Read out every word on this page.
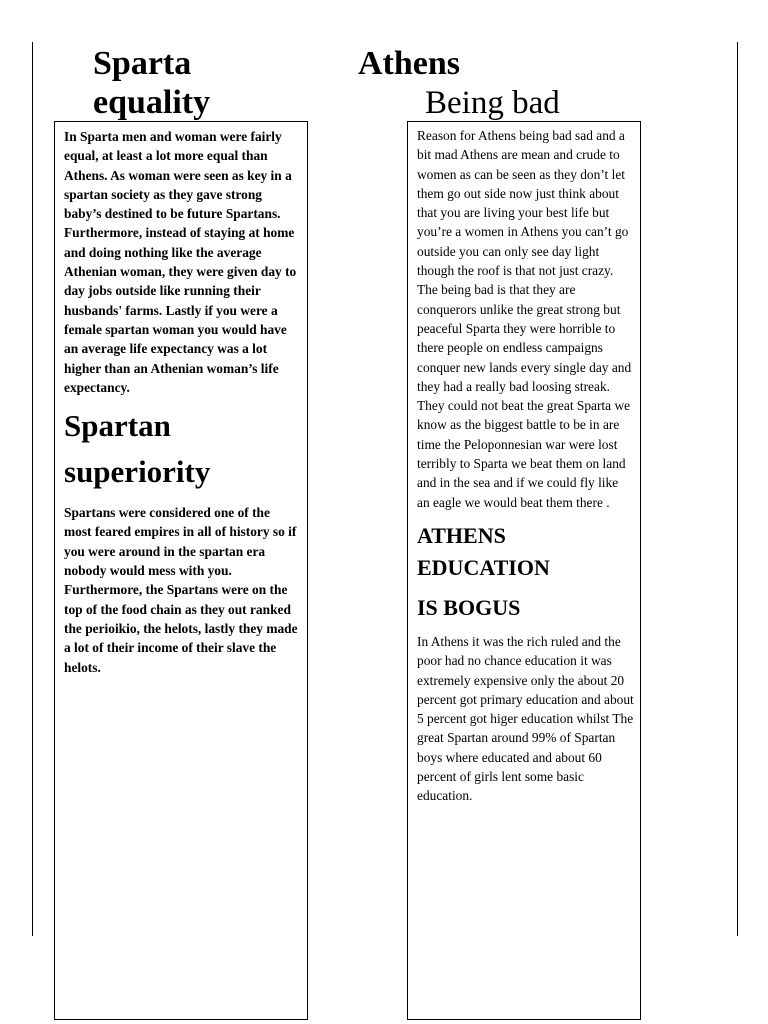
Sparta
equality
Athens
Being bad

In Sparta men and woman were fairly equal, at least a lot more equal than Athens. As woman were seen as key in a spartan society as they gave strong baby’s destined to be future Spartans. Furthermore, instead of staying at home and doing nothing like the average Athenian woman, they were given day to day jobs outside like running their husbands' farms. Lastly if you were a female spartan woman you would have an average life expectancy was a lot higher than an Athenian woman’s life expectancy.

Spartan
superiority

Spartans were considered one of the most feared empires in all of history so if you were around in the spartan era nobody would mess with you. Furthermore, the Spartans were on the top of the food chain as they out ranked the perioikio, the helots, lastly they made a lot of their income of their slave the helots.

Reason for Athens being bad sad and a bit mad Athens are mean and crude to women as can be seen as they don’t let them go out side now just think about that you are living your best life but you’re a women in Athens you can’t go outside you can only see day light though the roof is that not just crazy. The being bad is that they are conquerors unlike the great strong but peaceful Sparta they were horrible to there people on endless campaigns conquer new lands every single day and they had a really bad loosing streak. They could not beat the great Sparta we know as the biggest battle to be in are time the Peloponnesian war were lost terribly to Sparta we beat them on land and in the sea and if we could fly like an eagle we would beat them there .

ATHENS
EDUCATION
IS BOGUS

In Athens it was the rich ruled and the poor had no chance education it was extremely expensive only the about 20 percent got primary education and about 5 percent got higer education whilst The great Spartan around 99% of Spartan boys where educated and about 60 percent of girls lent some basic education.
